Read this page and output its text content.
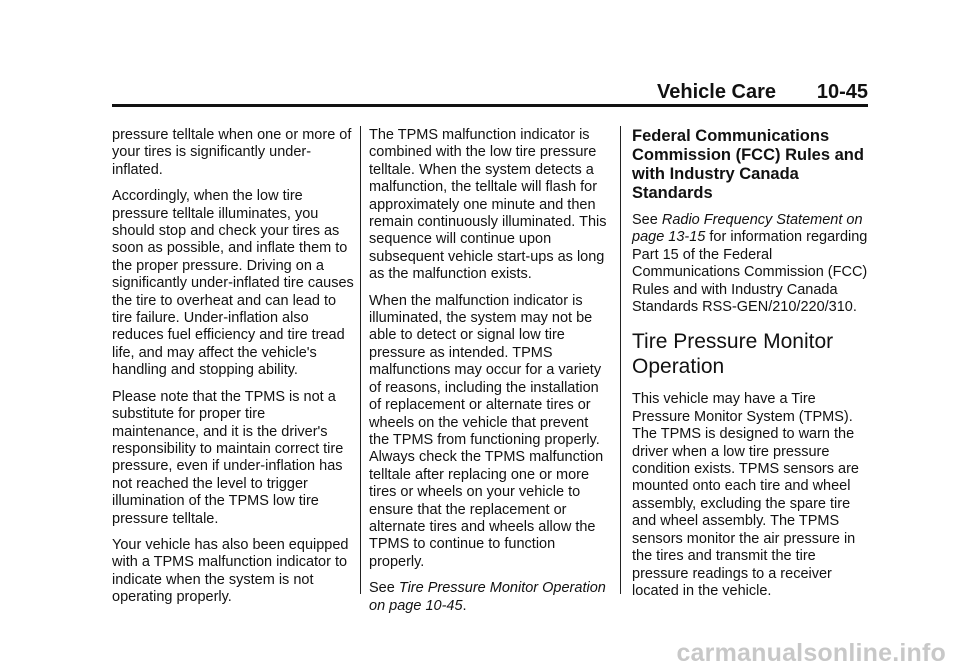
Vehicle Care 10-45

pressure telltale when one or more of your tires is significantly under-inflated.

Accordingly, when the low tire pressure telltale illuminates, you should stop and check your tires as soon as possible, and inflate them to the proper pressure. Driving on a significantly under-inflated tire causes the tire to overheat and can lead to tire failure. Under-inflation also reduces fuel efficiency and tire tread life, and may affect the vehicle's handling and stopping ability.

Please note that the TPMS is not a substitute for proper tire maintenance, and it is the driver's responsibility to maintain correct tire pressure, even if under-inflation has not reached the level to trigger illumination of the TPMS low tire pressure telltale.

Your vehicle has also been equipped with a TPMS malfunction indicator to indicate when the system is not operating properly.

The TPMS malfunction indicator is combined with the low tire pressure telltale. When the system detects a malfunction, the telltale will flash for approximately one minute and then remain continuously illuminated. This sequence will continue upon subsequent vehicle start-ups as long as the malfunction exists.

When the malfunction indicator is illuminated, the system may not be able to detect or signal low tire pressure as intended. TPMS malfunctions may occur for a variety of reasons, including the installation of replacement or alternate tires or wheels on the vehicle that prevent the TPMS from functioning properly. Always check the TPMS malfunction telltale after replacing one or more tires or wheels on your vehicle to ensure that the replacement or alternate tires and wheels allow the TPMS to continue to function properly.

See Tire Pressure Monitor Operation on page 10-45.

Federal Communications Commission (FCC) Rules and with Industry Canada Standards

See Radio Frequency Statement on page 13-15 for information regarding Part 15 of the Federal Communications Commission (FCC) Rules and with Industry Canada Standards RSS-GEN/210/220/310.

Tire Pressure Monitor Operation

This vehicle may have a Tire Pressure Monitor System (TPMS). The TPMS is designed to warn the driver when a low tire pressure condition exists. TPMS sensors are mounted onto each tire and wheel assembly, excluding the spare tire and wheel assembly. The TPMS sensors monitor the air pressure in the tires and transmit the tire pressure readings to a receiver located in the vehicle.

carmanualsonline.info
